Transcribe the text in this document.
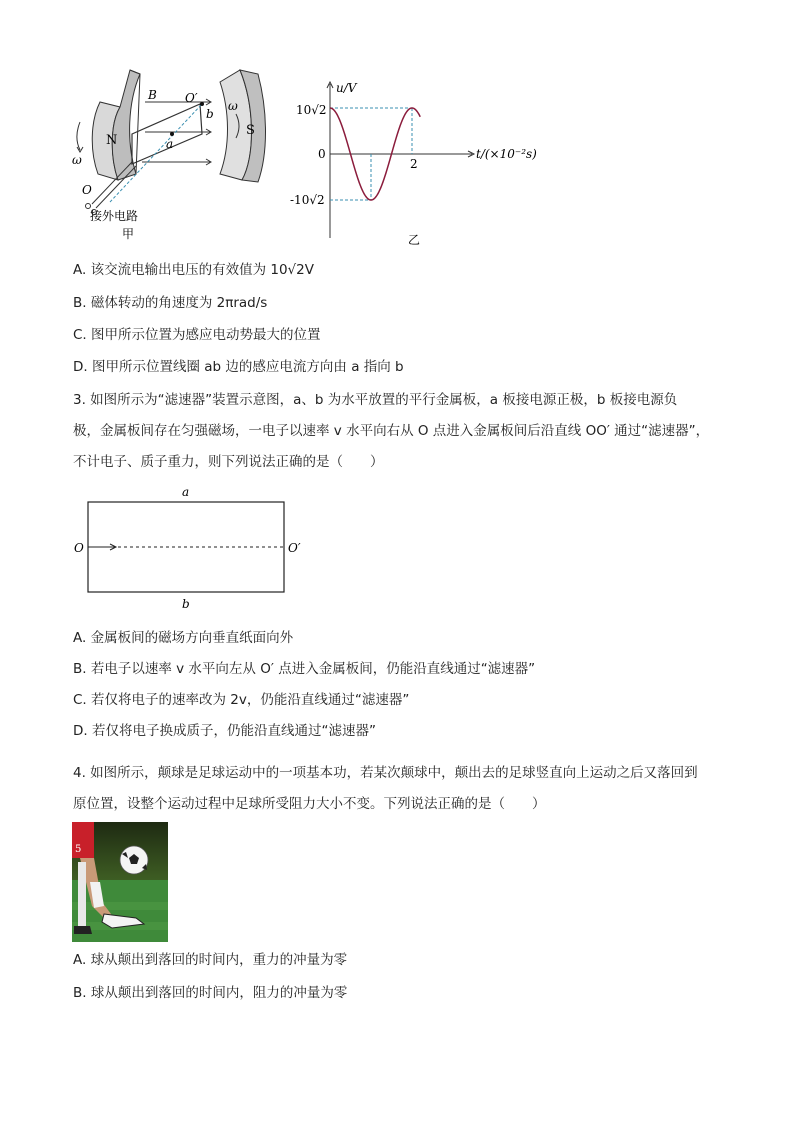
N
S
B O′
a
b
O
ω
ω
接外电路
甲
u/V
t/(×10⁻²s)
10√2
0
-10√2
2
乙
A. 该交流电输出电压的有效值为 10√2V
B. 磁体转动的角速度为 2πrad/s
C. 图甲所示位置为感应电动势最大的位置
D. 图甲所示位置线圈 ab 边的感应电流方向由 a 指向 b
3. 如图所示为“滤速器”装置示意图，a、b 为水平放置的平行金属板，a 板接电源正极，b 板接电源负
极，金属板间存在匀强磁场，一电子以速率 v 水平向右从 O 点进入金属板间后沿直线 OO′ 通过“滤速器”，
不计电子、质子重力，则下列说法正确的是（　　）
a
O	O′
b
A. 金属板间的磁场方向垂直纸面向外
B. 若电子以速率 v 水平向左从 O′ 点进入金属板间，仍能沿直线通过“滤速器”
C. 若仅将电子的速率改为 2v，仍能沿直线通过“滤速器”
D. 若仅将电子换成质子，仍能沿直线通过“滤速器”
4. 如图所示，颠球是足球运动中的一项基本功，若某次颠球中，颠出去的足球竖直向上运动之后又落回到
原位置，设整个运动过程中足球所受阻力大小不变。下列说法正确的是（　　）
5
A. 球从颠出到落回的时间内，重力的冲量为零
B. 球从颠出到落回的时间内，阻力的冲量为零
